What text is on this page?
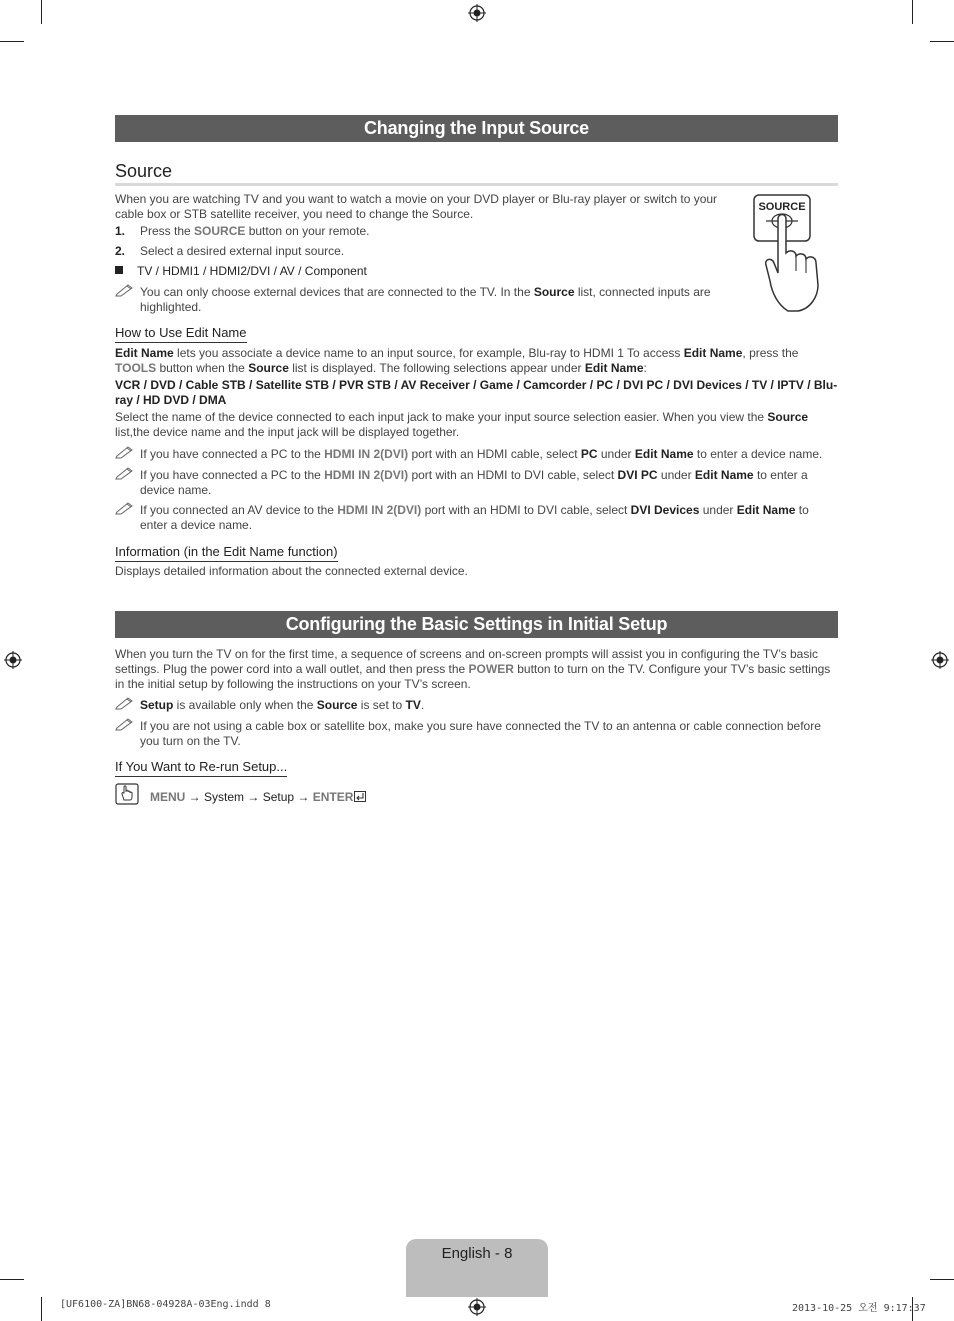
Changing the Input Source
Source
When you are watching TV and you want to watch a movie on your DVD player or Blu-ray player or switch to your cable box or STB satellite receiver, you need to change the Source.
1. Press the SOURCE button on your remote.
2. Select a desired external input source.
TV / HDMI1 / HDMI2/DVI / AV / Component
You can only choose external devices that are connected to the TV. In the Source list, connected inputs are highlighted.
SOURCE
How to Use Edit Name
Edit Name lets you associate a device name to an input source, for example, Blu-ray to HDMI 1 To access Edit Name, press the TOOLS button when the Source list is displayed. The following selections appear under Edit Name:
VCR / DVD / Cable STB / Satellite STB / PVR STB / AV Receiver / Game / Camcorder / PC / DVI PC / DVI Devices / TV / IPTV / Blu-ray / HD DVD / DMA
Select the name of the device connected to each input jack to make your input source selection easier. When you view the Source list,the device name and the input jack will be displayed together.
If you have connected a PC to the HDMI IN 2(DVI) port with an HDMI cable, select PC under Edit Name to enter a device name.
If you have connected a PC to the HDMI IN 2(DVI) port with an HDMI to DVI cable, select DVI PC under Edit Name to enter a device name.
If you connected an AV device to the HDMI IN 2(DVI) port with an HDMI to DVI cable, select DVI Devices under Edit Name to enter a device name.
Information (in the Edit Name function)
Displays detailed information about the connected external device.
Configuring the Basic Settings in Initial Setup
When you turn the TV on for the first time, a sequence of screens and on-screen prompts will assist you in configuring the TV’s basic settings. Plug the power cord into a wall outlet, and then press the POWER button to turn on the TV. Configure your TV’s basic settings in the initial setup by following the instructions on your TV’s screen.
Setup is available only when the Source is set to TV.
If you are not using a cable box or satellite box, make you sure have connected the TV to an antenna or cable connection before you turn on the TV.
If You Want to Re-run Setup...
MENU → System → Setup → ENTER
English - 8
[UF6100-ZA]BN68-04928A-03Eng.indd 8	2013-10-25 오전 9:17:37
